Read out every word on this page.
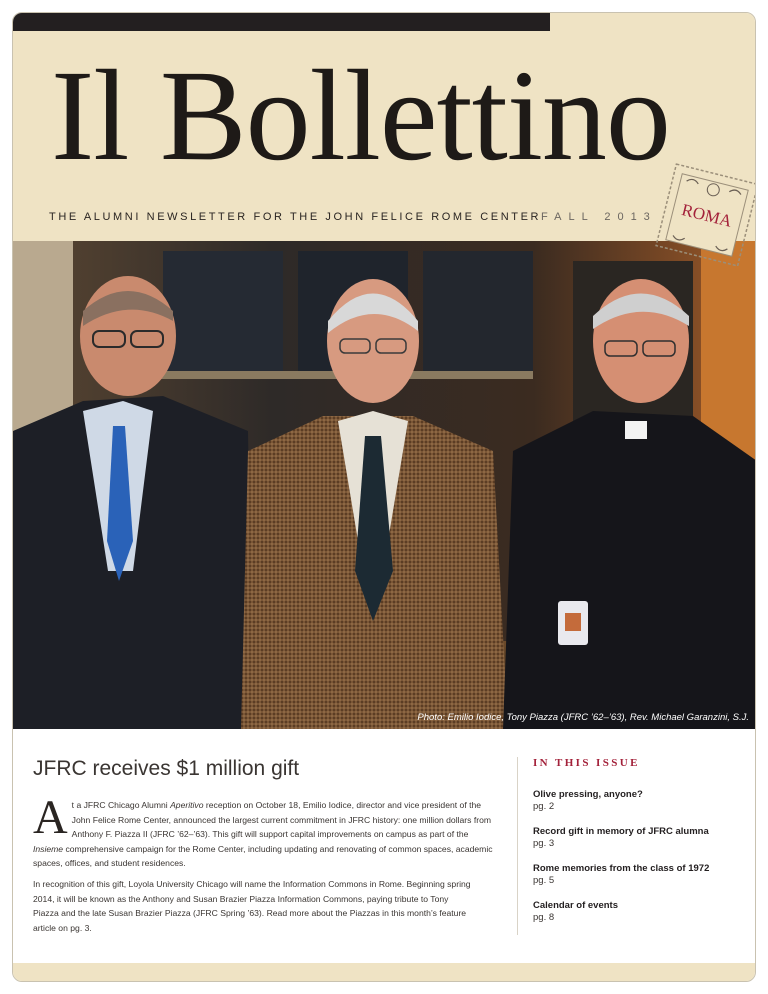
Il Bollettino
THE ALUMNI NEWSLETTER FOR THE JOHN FELICE ROME CENTER FALL 2013
Photo: Emilio Iodice, Tony Piazza (JFRC ’62–’63), Rev. Michael Garanzini, S.J.
ROMA
JFRC receives $1 million gift
A t a JFRC Chicago Alumni Aperitivo reception on October 18, Emilio Iodice, director and vice president of the John Felice Rome Center, announced the largest current commitment in JFRC history: one million dollars from Anthony F. Piazza II (JFRC ’62–’63). This gift will support capital improvements on campus as part of the Insieme comprehensive campaign for the Rome Center, including updating and renovating of common spaces, academic spaces, offices, and student residences.

In recognition of this gift, Loyola University Chicago will name the Information Commons in Rome. Beginning spring 2014, it will be known as the Anthony and Susan Brazier Piazza Information Commons, paying tribute to Tony Piazza and the late Susan Brazier Piazza (JFRC Spring ’63). Read more about the Piazzas in this month’s feature article on pg. 3.

IN THIS ISSUE
Olive pressing, anyone?
pg. 2
Record gift in memory of JFRC alumna
pg. 3
Rome memories from the class of 1972
pg. 5
Calendar of events
pg. 8
